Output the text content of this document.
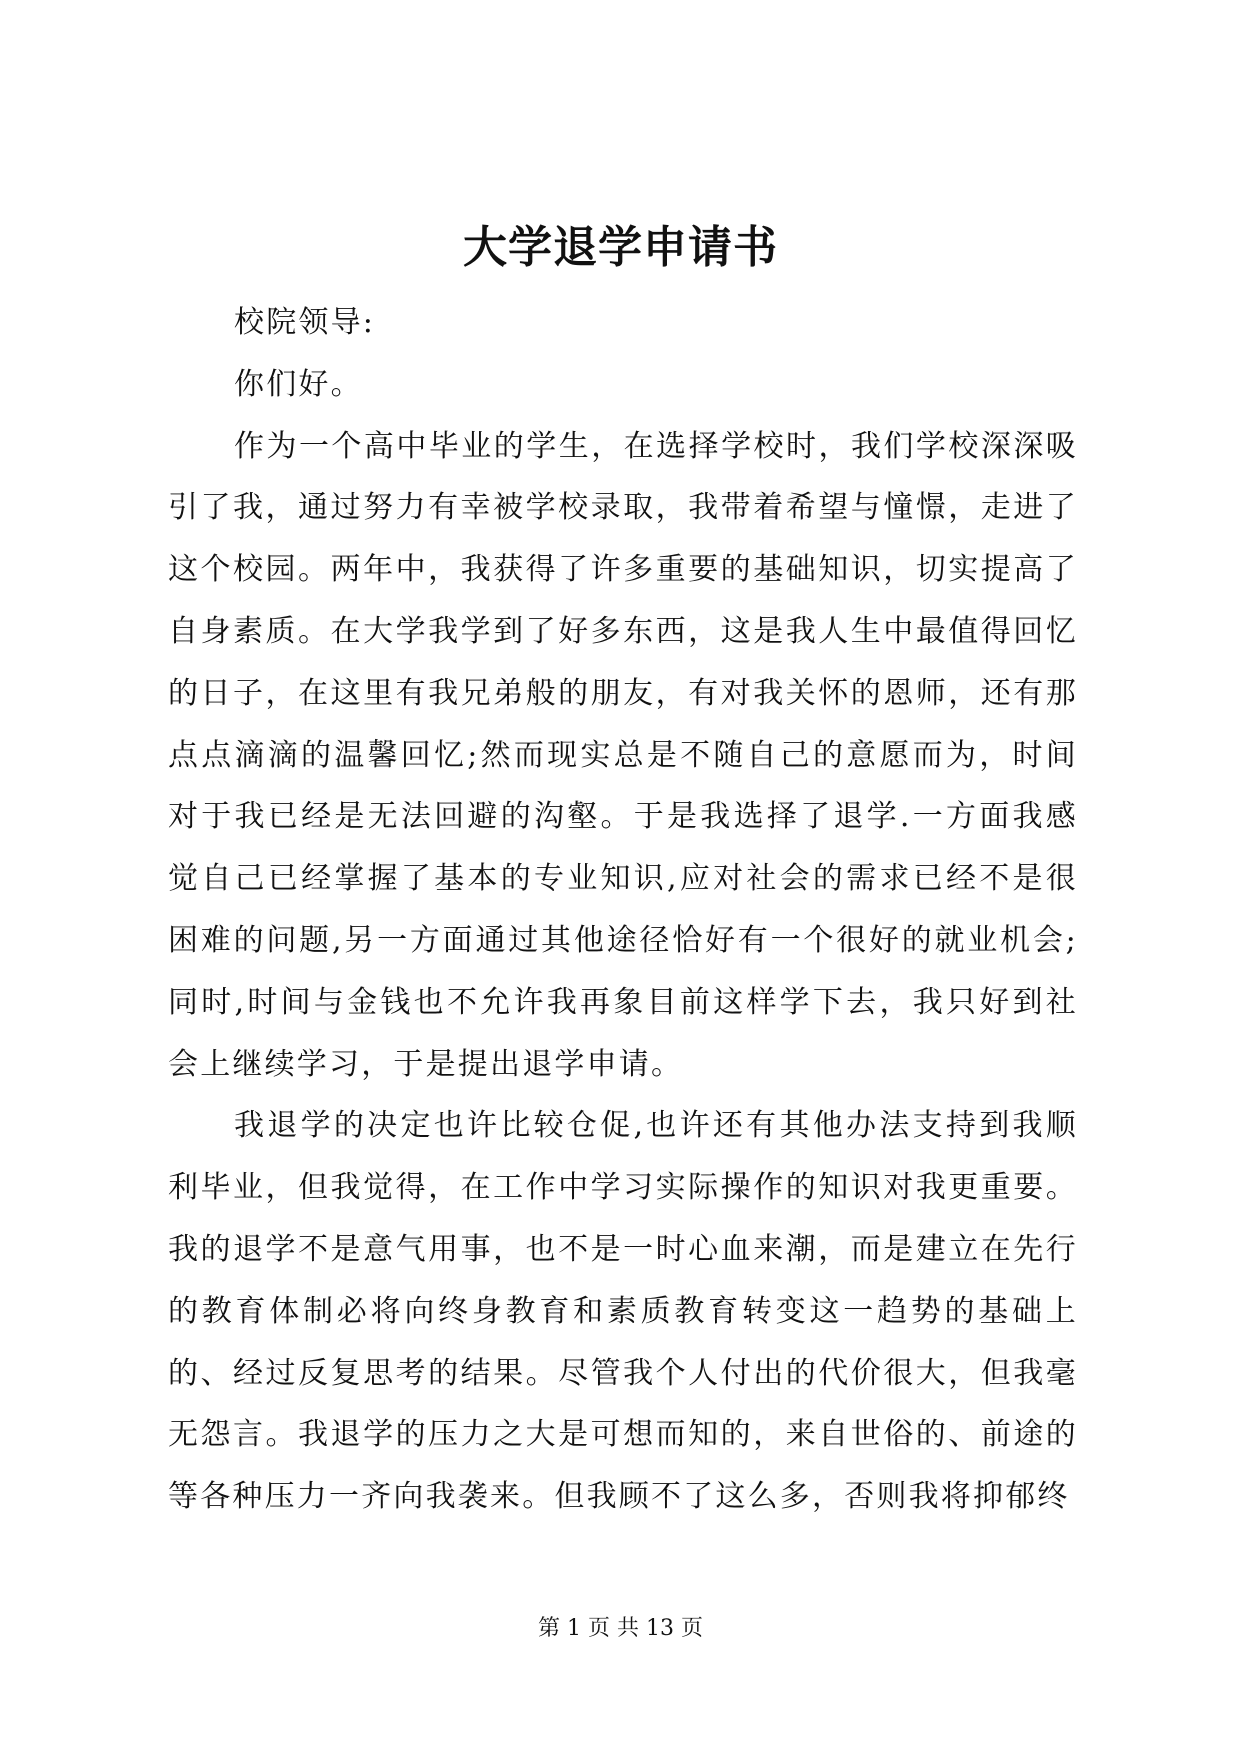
大学退学申请书

校院领导:

你们好。

作为一个高中毕业的学生，在选择学校时，我们学校深深吸引了我，通过努力有幸被学校录取，我带着希望与憧憬，走进了这个校园。两年中，我获得了许多重要的基础知识，切实提高了自身素质。在大学我学到了好多东西，这是我人生中最值得回忆的日子，在这里有我兄弟般的朋友，有对我关怀的恩师，还有那点点滴滴的温馨回忆;然而现实总是不随自己的意愿而为，时间对于我已经是无法回避的沟壑。于是我选择了退学.一方面我感觉自己已经掌握了基本的专业知识,应对社会的需求已经不是很困难的问题,另一方面通过其他途径恰好有一个很好的就业机会;同时,时间与金钱也不允许我再象目前这样学下去，我只好到社会上继续学习，于是提出退学申请。

我退学的决定也许比较仓促,也许还有其他办法支持到我顺利毕业，但我觉得，在工作中学习实际操作的知识对我更重要。我的退学不是意气用事，也不是一时心血来潮，而是建立在先行的教育体制必将向终身教育和素质教育转变这一趋势的基础上的、经过反复思考的结果。尽管我个人付出的代价很大，但我毫无怨言。我退学的压力之大是可想而知的，来自世俗的、前途的等各种压力一齐向我袭来。但我顾不了这么多，否则我将抑郁终

第 1 页 共 13 页
